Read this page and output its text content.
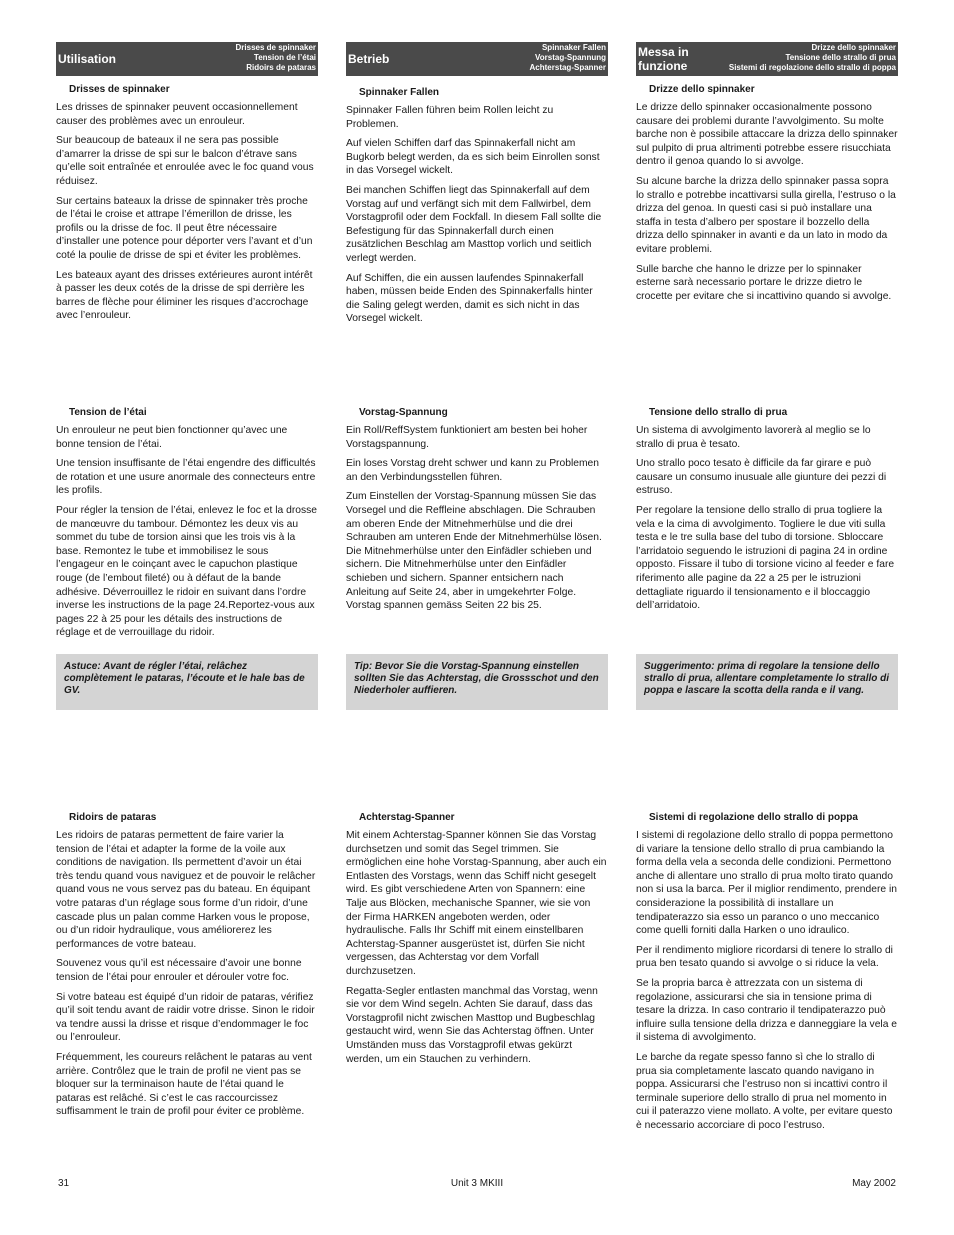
Utilisation
Drisses de spinnaker
Tension de l’étai
Ridoirs de pataras
Drisses de spinnaker

Les drisses de spinnaker peuvent occasionnellement causer des problèmes avec un enrouleur.

Sur beaucoup de bateaux il ne sera pas possible d’amarrer la drisse de spi sur le balcon d’étrave sans qu’elle soit entraînée et enroulée avec le foc quand vous réduisez.

Sur certains bateaux la drisse de spinnaker très proche de l’étai le croise et attrape l’émerillon de drisse, les profils ou la drisse de foc. Il peut être nécessaire d’installer une potence pour déporter vers l’avant et d’un coté la poulie de drisse de spi et éviter les problèmes.

Les bateaux ayant des drisses extérieures auront intérêt à passer les deux cotés de la drisse de spi derrière les barres de flèche pour éliminer les risques d’accrochage avec l’enrouleur.

Tension de l’étai

Un enrouleur ne peut bien fonctionner qu’avec une bonne tension de l’étai.

Une tension insuffisante de l’étai engendre des difficultés de rotation et une usure anormale des connecteurs entre les profils.

Pour régler la tension de l’étai, enlevez le foc et la drosse de manœuvre du tambour. Démontez les deux vis au sommet du tube de torsion ainsi que les trois vis à la base. Remontez le tube et immobilisez le sous l’engageur en le coinçant avec le capuchon plastique rouge (de l’embout fileté) ou à défaut de la bande adhésive. Déverrouillez le ridoir en suivant dans l’ordre inverse les instructions de la page 24.Reportez-vous aux pages 22 à 25 pour les détails des instructions de réglage et de verrouillage du ridoir.

Astuce: Avant de régler l’étai, relâchez complètement le pataras, l’écoute et le hale bas de GV.
Ridoirs de pataras

Les ridoirs de pataras permettent de faire varier la tension de l’étai et adapter la forme de la voile aux conditions de navigation. Ils permettent d’avoir un étai très tendu quand vous naviguez et de pouvoir le relâcher quand vous ne vous servez pas du bateau. En équipant votre pataras d’un réglage sous forme d’un ridoir, d’une cascade plus un palan comme Harken vous le propose, ou d’un ridoir hydraulique, vous améliorerez les performances de votre bateau.

Souvenez vous qu’il est nécessaire d’avoir une bonne tension de l’étai pour enrouler et dérouler votre foc.

Si votre bateau est équipé d’un ridoir de pataras, vérifiez qu’il soit tendu avant de raidir votre drisse. Sinon le ridoir va tendre aussi la drisse et risque d’endommager le foc ou l’enrouleur.

Fréquemment, les coureurs relâchent le pataras au vent arrière. Contrôlez que le train de profil ne vient pas se bloquer sur la terminaison haute de l’étai quand le pataras est relâché. Si c’est le cas raccourcissez suffisamment le train de profil pour éviter ce problème.

Betrieb
Spinnaker Fallen
Vorstag-Spannung
Achterstag-Spanner
Spinnaker Fallen

Spinnaker Fallen führen beim Rollen leicht zu Problemen.

Auf vielen Schiffen darf das Spinnakerfall nicht am Bugkorb belegt werden, da es sich beim Einrollen sonst in das Vorsegel wickelt.

Bei manchen Schiffen liegt das Spinnakerfall auf dem Vorstag auf und verfängt sich mit dem Fallwirbel, dem Vorstagprofil oder dem Fockfall. In diesem Fall sollte die Befestigung für das Spinnakerfall durch einen zusätzlichen Beschlag am Masttop vorlich und seitlich verlegt werden.

Auf Schiffen, die ein aussen laufendes Spinnakerfall haben, müssen beide Enden des Spinnakerfalls hinter die Saling gelegt werden, damit es sich nicht in das Vorsegel wickelt.

Vorstag-Spannung

Ein Roll/ReffSystem funktioniert am besten bei hoher Vorstagspannung.

Ein loses Vorstag dreht schwer und kann zu Problemen an den Verbindungsstellen führen.

Zum Einstellen der Vorstag-Spannung müssen Sie das Vorsegel und die Reffleine abschlagen. Die Schrauben am oberen Ende der Mitnehmerhülse und die drei Schrauben am unteren Ende der Mitnehmerhülse lösen. Die Mitnehmerhülse unter den Einfädler schieben und sichern. Die Mitnehmerhülse unter den Einfädler schieben und sichern. Spanner entsichern nach Anleitung auf Seite 24, aber in umgekehrter Folge. Vorstag spannen gemäss Seiten 22 bis 25.

Tip: Bevor Sie die Vorstag-Spannung einstellen sollten Sie das Achterstag, die Grossschot und den Niederholer auffieren.
Achterstag-Spanner

Mit einem Achterstag-Spanner können Sie das Vorstag durchsetzen und somit das Segel trimmen. Sie ermöglichen eine hohe Vorstag-Spannung, aber auch ein Entlasten des Vorstags, wenn das Schiff nicht gesegelt wird. Es gibt verschiedene Arten von Spannern: eine Talje aus Blöcken, mechanische Spanner, wie sie von der Firma HARKEN angeboten werden, oder hydraulische. Falls Ihr Schiff mit einem einstellbaren Achterstag-Spanner ausgerüstet ist, dürfen Sie nicht vergessen, das Achterstag vor dem Vorfall durchzusetzen.

Regatta-Segler entlasten manchmal das Vorstag, wenn sie vor dem Wind segeln. Achten Sie darauf, dass das Vorstagprofil nicht zwischen Masttop und Bugbeschlag gestaucht wird, wenn Sie das Achterstag öffnen. Unter Umständen muss das Vorstagprofil etwas gekürzt werden, um ein Stauchen zu verhindern.

Messa in funzione
Drizze dello spinnaker
Tensione dello strallo di prua
Sistemi di regolazione dello strallo di poppa
Drizze dello spinnaker

Le drizze dello spinnaker occasionalmente possono causare dei problemi durante l’avvolgimento. Su molte barche non è possibile attaccare la drizza dello spinnaker sul pulpito di prua altrimenti potrebbe essere risucchiata dentro il genoa quando lo si avvolge.

Su alcune barche la drizza dello spinnaker passa sopra lo strallo e potrebbe incattivarsi sulla girella, l’estruso o la drizza del genoa. In questi casi si può installare una staffa in testa d’albero per spostare il bozzello della drizza dello spinnaker in avanti e da un lato in modo da evitare problemi.

Sulle barche che hanno le drizze per lo spinnaker esterne sarà necessario portare le drizze dietro le crocette per evitare che si incattivino quando si avvolge.

Tensione dello strallo di prua

Un sistema di avvolgimento lavorerà al meglio se lo strallo di prua è tesato.

Uno strallo poco tesato è difficile da far girare e può causare un consumo inusuale alle giunture dei pezzi di estruso.

Per regolare la tensione dello strallo di prua togliere la vela e la cima di avvolgimento. Togliere le due viti sulla testa e le tre sulla base del tubo di torsione. Sbloccare l’arridatoio seguendo le istruzioni di pagina 24 in ordine opposto. Fissare il tubo di torsione vicino al feeder e fare riferimento alle pagine da 22 a 25 per le istruzioni dettagliate riguardo il tensionamento e il bloccaggio dell’arridatoio.

Suggerimento: prima di regolare la tensione dello strallo di prua, allentare completamente lo strallo di poppa e lascare la scotta della randa e il vang.
Sistemi di regolazione dello strallo di poppa

I sistemi di regolazione dello strallo di poppa permettono di variare la tensione dello strallo di prua cambiando la forma della vela a seconda delle condizioni. Permettono anche di allentare uno strallo di prua molto tirato quando non si usa la barca. Per il miglior rendimento, prendere in considerazione la possibilità di installare un tendipaterazzo sia esso un paranco o uno meccanico come quelli forniti dalla Harken o uno idraulico.

Per il rendimento migliore ricordarsi di tenere lo strallo di prua ben tesato quando si avvolge o si riduce la vela.

Se la propria barca è attrezzata con un sistema di regolazione, assicurarsi che sia in tensione prima di tesare la drizza. In caso contrario il tendipaterazzo può influire sulla tensione della drizza e danneggiare la vela e il sistema di avvolgimento.

Le barche da regate spesso fanno sì che lo strallo di prua sia completamente lascato quando navigano in poppa. Assicurarsi che l’estruso non si incattivi contro il terminale superiore dello strallo di prua nel momento in cui il paterazzo viene mollato. A volte, per evitare questo è necessario accorciare di poco l’estruso.

31	Unit 3 MKIII	May 2002
